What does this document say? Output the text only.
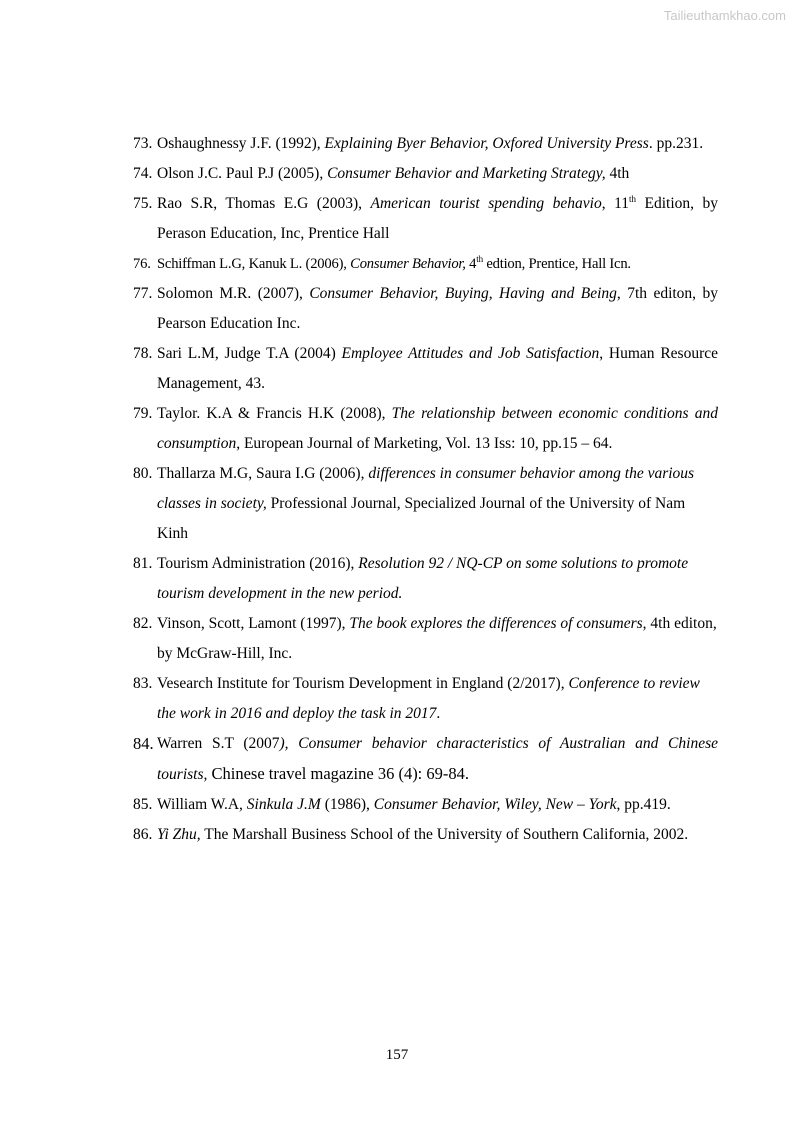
Tailieuthamkhao.com
73. Oshaughnessy J.F. (1992), Explaining Byer Behavior, Oxfored University Press. pp.231.
74. Olson J.C. Paul P.J (2005), Consumer Behavior and Marketing Strategy, 4th
75. Rao S.R, Thomas E.G (2003), American tourist spending behavio, 11th Edition, by Perason Education, Inc, Prentice Hall
76. Schiffman L.G, Kanuk L. (2006), Consumer Behavior, 4th edtion, Prentice, Hall Icn.
77. Solomon M.R. (2007), Consumer Behavior, Buying, Having and Being, 7th editon, by Pearson Education Inc.
78. Sari L.M, Judge T.A (2004) Employee Attitudes and Job Satisfaction, Human Resource Management, 43.
79. Taylor. K.A & Francis H.K (2008), The relationship between economic conditions and consumption, European Journal of Marketing, Vol. 13 Iss: 10, pp.15 – 64.
80. Thallarza M.G, Saura I.G (2006), differences in consumer behavior among the various classes in society, Professional Journal, Specialized Journal of the University of Nam Kinh
81. Tourism Administration (2016), Resolution 92 / NQ-CP on some solutions to promote tourism development in the new period.
82. Vinson, Scott, Lamont (1997), The book explores the differences of consumers, 4th editon, by McGraw-Hill, Inc.
83. Vesearch Institute for Tourism Development in England (2/2017), Conference to review the work in 2016 and deploy the task in 2017.
84. Warren S.T (2007), Consumer behavior characteristics of Australian and Chinese tourists, Chinese travel magazine 36 (4): 69-84.
85. William W.A, Sinkula J.M (1986), Consumer Behavior, Wiley, New – York, pp.419.
86. Yi Zhu, The Marshall Business School of the University of Southern California, 2002.
157
